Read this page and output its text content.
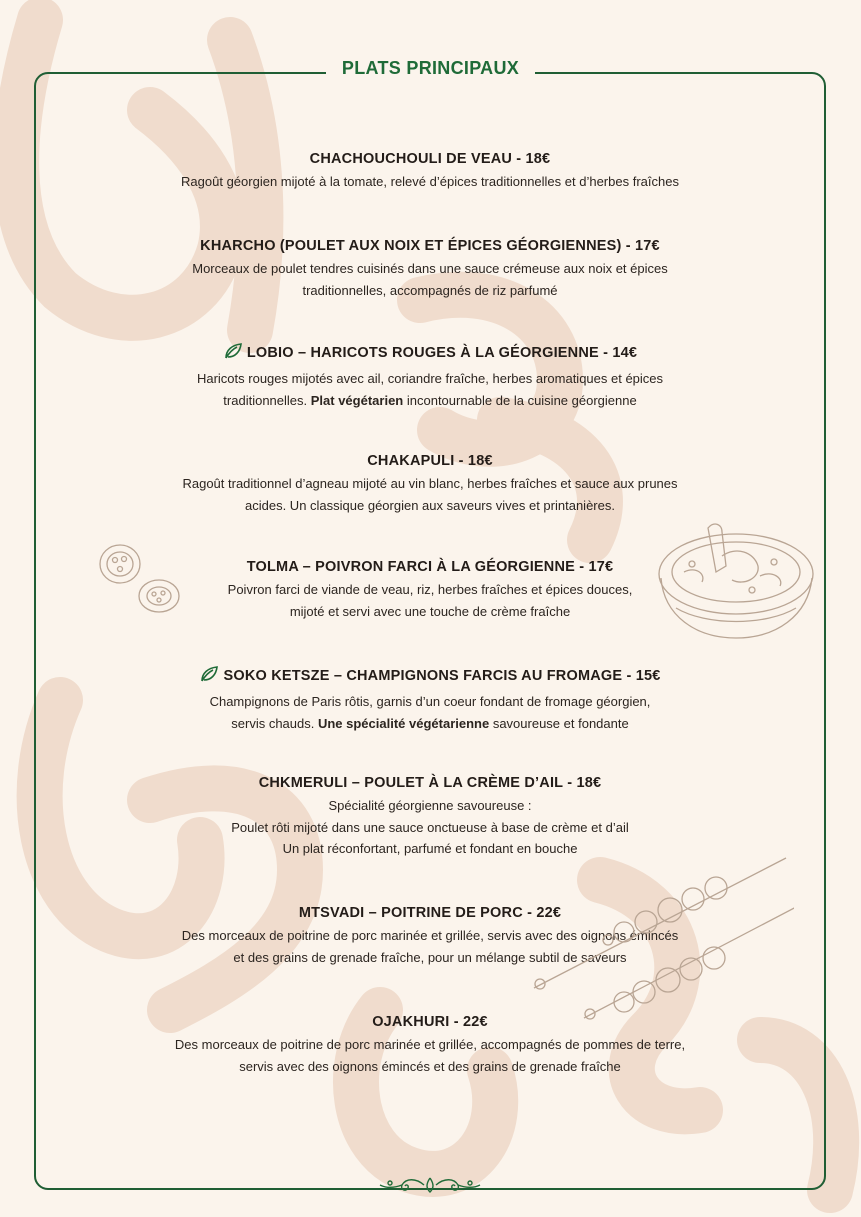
PLATS PRINCIPAUX

CHACHOUCHOULI DE VEAU - 18€

Ragoût géorgien mijoté à la tomate, relevé d’épices traditionnelles et d’herbes fraîches

KHARCHO (POULET AUX NOIX ET ÉPICES GÉORGIENNES) - 17€

Morceaux de poulet tendres cuisinés dans une sauce crémeuse aux noix et épices
traditionnelles, accompagnés de riz parfumé

LOBIO – HARICOTS ROUGES À LA GÉORGIENNE - 14€

Haricots rouges mijotés avec ail, coriandre fraîche, herbes aromatiques et épices
traditionnelles. Plat végétarien incontournable de la cuisine géorgienne

CHAKAPULI - 18€

Ragoût traditionnel d’agneau mijoté au vin blanc, herbes fraîches et sauce aux prunes
acides. Un classique géorgien aux saveurs vives et printanières.

TOLMA – POIVRON FARCI À LA GÉORGIENNE - 17€

Poivron farci de viande de veau, riz, herbes fraîches et épices douces,
mijoté et servi avec une touche de crème fraîche

SOKO KETSZE – CHAMPIGNONS FARCIS AU FROMAGE - 15€

Champignons de Paris rôtis, garnis d’un coeur fondant de fromage géorgien,
servis chauds. Une spécialité végétarienne savoureuse et fondante

CHKMERULI – POULET À LA CRÈME D’AIL - 18€

Spécialité géorgienne savoureuse :
Poulet rôti mijoté dans une sauce onctueuse à base de crème et d’ail
Un plat réconfortant, parfumé et fondant en bouche

MTSVADI – POITRINE DE PORC - 22€

Des morceaux de poitrine de porc marinée et grillée, servis avec des oignons émincés
et des grains de grenade fraîche, pour un mélange subtil de saveurs

OJAKHURI - 22€

Des morceaux de poitrine de porc marinée et grillée, accompagnés de pommes de terre,
servis avec des oignons émincés et des grains de grenade fraîche
